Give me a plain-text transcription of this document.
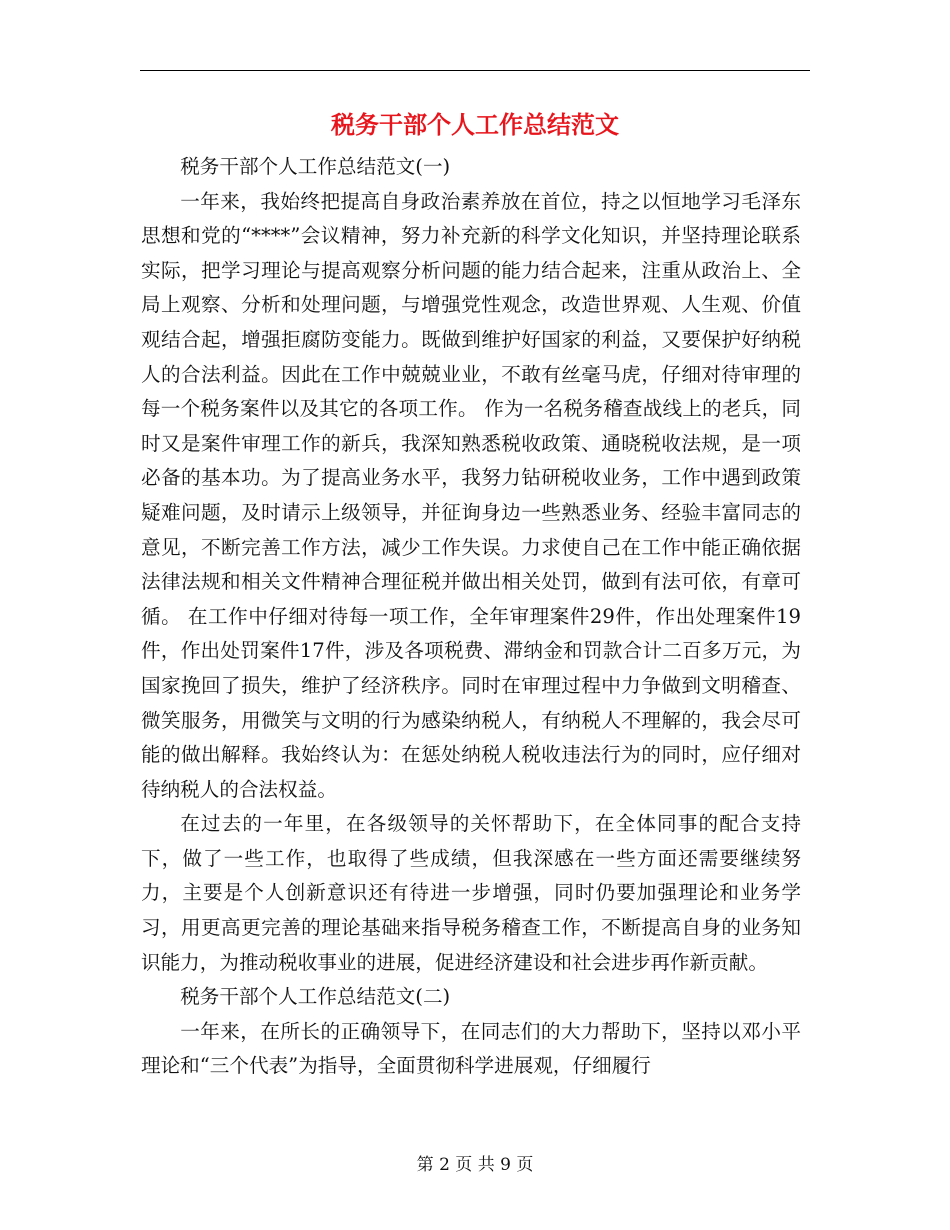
税务干部个人工作总结范文

税务干部个人工作总结范文(一)

一年来，我始终把提高自身政治素养放在首位，持之以恒地学习毛泽东思想和党的“****”会议精神，努力补充新的科学文化知识，并坚持理论联系实际，把学习理论与提高观察分析问题的能力结合起来，注重从政治上、全局上观察、分析和处理问题，与增强党性观念，改造世界观、人生观、价值观结合起，增强拒腐防变能力。既做到维护好国家的利益，又要保护好纳税人的合法利益。因此在工作中兢兢业业，不敢有丝毫马虎，仔细对待审理的每一个税务案件以及其它的各项工作。 作为一名税务稽查战线上的老兵，同时又是案件审理工作的新兵，我深知熟悉税收政策、通晓税收法规，是一项必备的基本功。为了提高业务水平，我努力钻研税收业务，工作中遇到政策疑难问题，及时请示上级领导，并征询身边一些熟悉业务、经验丰富同志的意见，不断完善工作方法，减少工作失误。力求使自己在工作中能正确依据法律法规和相关文件精神合理征税并做出相关处罚，做到有法可依，有章可循。 在工作中仔细对待每一项工作，全年审理案件29件，作出处理案件19件，作出处罚案件17件，涉及各项税费、滞纳金和罚款合计二百多万元，为国家挽回了损失，维护了经济秩序。同时在审理过程中力争做到文明稽查、微笑服务，用微笑与文明的行为感染纳税人，有纳税人不理解的，我会尽可能的做出解释。我始终认为：在惩处纳税人税收违法行为的同时，应仔细对待纳税人的合法权益。

在过去的一年里，在各级领导的关怀帮助下，在全体同事的配合支持下，做了一些工作，也取得了些成绩，但我深感在一些方面还需要继续努力，主要是个人创新意识还有待进一步增强，同时仍要加强理论和业务学习，用更高更完善的理论基础来指导税务稽查工作，不断提高自身的业务知识能力，为推动税收事业的进展，促进经济建设和社会进步再作新贡献。

税务干部个人工作总结范文(二)

一年来，在所长的正确领导下，在同志们的大力帮助下，坚持以邓小平理论和“三个代表”为指导，全面贯彻科学进展观，仔细履行

第 2 页 共 9 页
